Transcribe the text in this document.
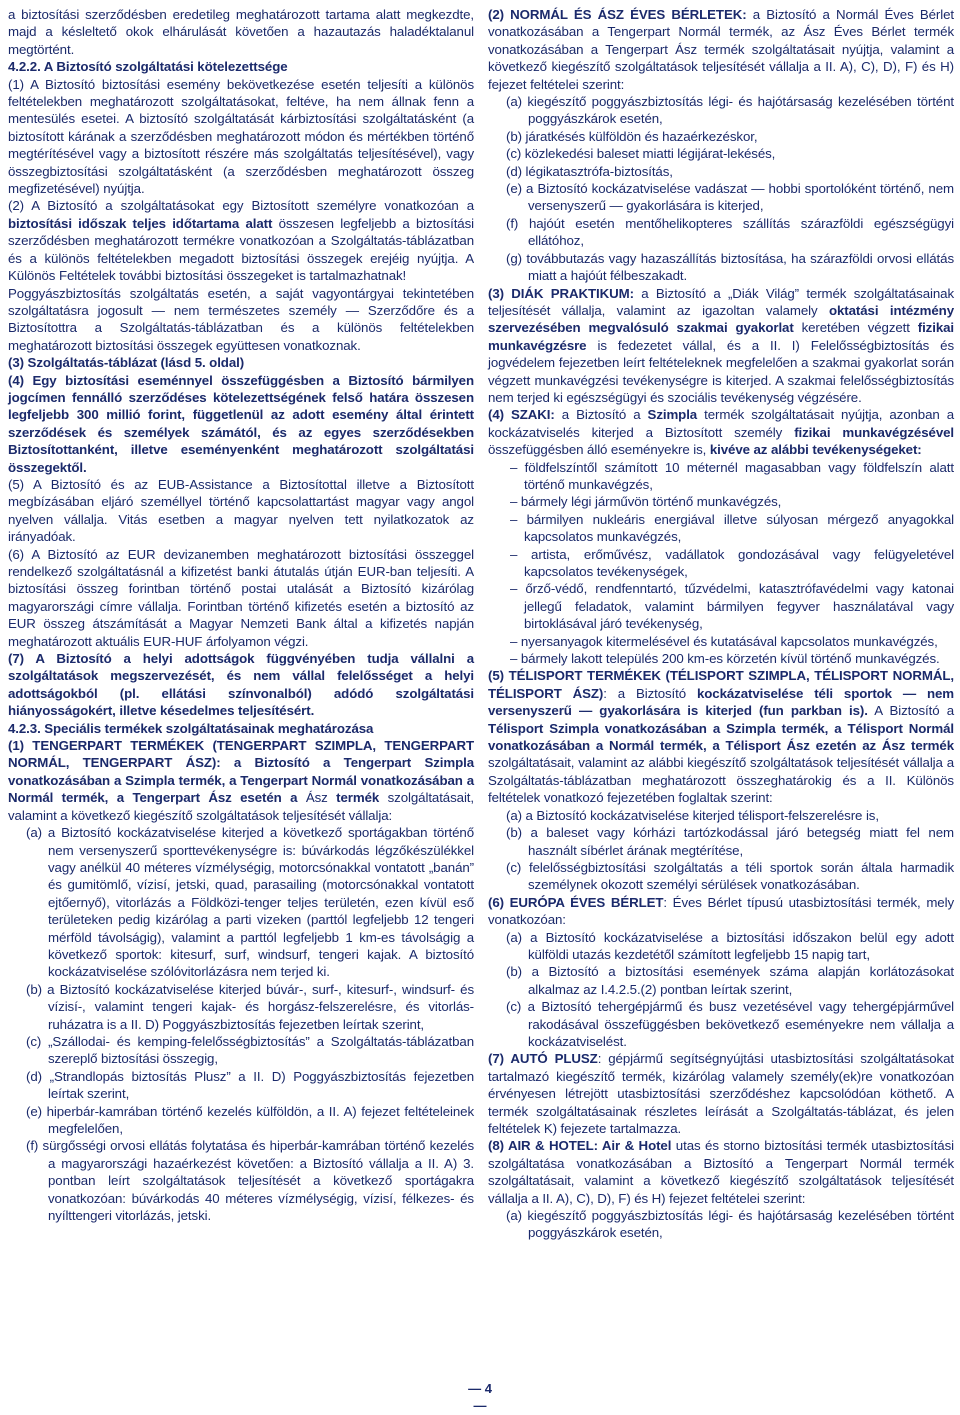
a biztosítási szerződésben eredetileg meghatározott tartama alatt megkezdte, majd a késleltető okok elhárulását követően a hazautazás haladéktalanul megtörtént.

4.2.2. A Biztosító szolgáltatási kötelezettsége

(1) A Biztosító biztosítási esemény bekövetkezése esetén teljesíti a különös feltételekben meghatározott szolgáltatásokat, feltéve, ha nem állnak fenn a mentesülés esetei. A biztosító szolgáltatását kárbiztosítási szolgáltatásként (a biztosított kárának a szerződésben meghatározott módon és mértékben történő megtérítésével vagy a biztosított részére más szolgáltatás teljesítésével), vagy összegbiztosítási szolgáltatásként (a szerződésben meghatározott összeg megfizetésével) nyújtja.

(2) A Biztosító a szolgáltatásokat egy Biztosított személyre vonatkozóan a biztosítási időszak teljes időtartama alatt összesen legfeljebb a biztosítási szerződésben meghatározott termékre vonatkozóan a Szolgáltatás-táblázatban és a különös feltételekben megadott biztosítási összegek erejéig nyújtja. A Különös Feltételek további biztosítási összegeket is tartalmazhatnak!

Poggyászbiztosítás szolgáltatás esetén, a saját vagyontárgyai tekintetében szolgáltatásra jogosult — nem természetes személy — Szerződőre és a Biztosítottra a Szolgáltatás-táblázatban és a különös feltételekben meghatározott biztosítási összegek együttesen vonatkoznak.

(3) Szolgáltatás-táblázat (lásd 5. oldal)

(4) Egy biztosítási eseménnyel összefüggésben a Biztosító bármilyen jogcímen fennálló szerződéses kötelezettségének felső határa összesen legfeljebb 300 millió forint, függetlenül az adott esemény által érintett szerződések és személyek számától, és az egyes szerződésekben Biztosítottanként, illetve eseményenként meghatározott szolgáltatási összegektől.

(5) A Biztosító és az EUB-Assistance a Biztosítottal illetve a Biztosított megbízásában eljáró személlyel történő kapcsolattartást magyar vagy angol nyelven vállalja. Vitás esetben a magyar nyelven tett nyilatkozatok az irányadóak.

(6) A Biztosító az EUR devizanemben meghatározott biztosítási összeggel rendelkező szolgáltatásnál a kifizetést banki átutalás útján EUR-ban teljesíti. A biztosítási összeg forintban történő postai utalását a Biztosító kizárólag magyarországi címre vállalja. Forintban történő kifizetés esetén a biztosító az EUR összeg átszámítását a Magyar Nemzeti Bank által a kifizetés napján meghatározott aktuális EUR-HUF árfolyamon végzi.

(7) A Biztosító a helyi adottságok függvényében tudja vállalni a szolgáltatások megszervezését, és nem vállal felelősséget a helyi adottságokból (pl. ellátási színvonalból) adódó szolgáltatási hiányosságokért, illetve késedelmes teljesítésért.

4.2.3. Speciális termékek szolgáltatásainak meghatározása

(1) TENGERPART TERMÉKEK (TENGERPART SZIMPLA, TENGERPART NORMÁL, TENGERPART ÁSZ): a Biztosító a Tengerpart Szimpla vonatkozásában a Szimpla termék, a Tengerpart Normál vonatkozásában a Normál termék, a Tengerpart Ász esetén a Ász termék szolgáltatásait, valamint a következő kiegészítő szolgáltatások teljesítését vállalja:

(a) a Biztosító kockázatviselése kiterjed a következő sportágakban történő nem versenyszerű sporttevékenységre is: búvárkodás légzőkészülékkel vagy anélkül 40 méteres vízmélységig, motorcsónakkal vontatott „banán” és gumitömlő, vízisí, jetski, quad, parasailing (motorcsónakkal vontatott ejtőernyő), vitorlázás a Földközi-tenger teljes területén, ezen kívül eső területeken pedig kizárólag a parti vizeken (parttól legfeljebb 12 tengeri mérföld távolságig), valamint a parttól legfeljebb 1 km-es távolságig a következő sportok: kitesurf, surf, windsurf, tengeri kajak. A biztosító kockázatviselése szólóvitorlázásra nem terjed ki.

(b) a Biztosító kockázatviselése kiterjed búvár-, surf-, kitesurf-, windsurf- és vízisí-, valamint tengeri kajak- és horgász-felszerelésre, és vitorlás-ruházatra is a II. D) Poggyászbiztosítás fejezetben leírtak szerint,

(c) „Szállodai- és kemping-felelősségbiztosítás” a Szolgáltatás-táblázatban szereplő biztosítási összegig,

(d) „Strandlopás biztosítás Plusz” a II. D) Poggyászbiztosítás fejezetben leírtak szerint,

(e) hiperbár-kamrában történő kezelés külföldön, a II. A) fejezet feltételeinek megfelelően,

(f) sürgősségi orvosi ellátás folytatása és hiperbár-kamrában történő kezelés a magyarországi hazaérkezést követően: a Biztosító vállalja a II. A) 3. pontban leírt szolgáltatások teljesítését a következő sportágakra vonatkozóan: búvárkodás 40 méteres vízmélységig, vízisí, félkezes- és nyílttengeri vitorlázás, jetski.

(2) NORMÁL ÉS ÁSZ ÉVES BÉRLETEK: a Biztosító a Normál Éves Bérlet vonatkozásában a Tengerpart Normál termék, az Ász Éves Bérlet termék vonatkozásában a Tengerpart Ász termék szolgáltatásait nyújtja, valamint a következő kiegészítő szolgáltatások teljesítését vállalja a II. A), C), D), F) és H) fejezet feltételei szerint:

(a) kiegészítő poggyászbiztosítás légi- és hajótársaság kezelésében történt poggyászkárok esetén,

(b) járatkésés külföldön és hazaérkezéskor,

(c) közlekedési baleset miatti légijárat-lekésés,

(d) légikatasztrófa-biztosítás,

(e) a Biztosító kockázatviselése vadászat — hobbi sportolóként történő, nem versenyszerű — gyakorlására is kiterjed,

(f) hajóút esetén mentőhelikopteres szállítás szárazföldi egészségügyi ellátóhoz,

(g) továbbutazás vagy hazaszállítás biztosítása, ha szárazföldi orvosi ellátás miatt a hajóút félbeszakadt.

(3) DIÁK PRAKTIKUM: a Biztosító a „Diák Világ” termék szolgáltatásainak teljesítését vállalja, valamint az igazoltan valamely oktatási intézmény szervezésében megvalósuló szakmai gyakorlat keretében végzett fizikai munkavégzésre is fedezetet vállal, és a II. I) Felelősségbiztosítás és jogvédelem fejezetben leírt feltételeknek megfelelően a szakmai gyakorlat során végzett munkavégzési tevékenységre is kiterjed. A szakmai felelősségbiztosítás nem terjed ki egészségügyi és szociális tevékenység végzésére.

(4) SZAKI: a Biztosító a Szimpla termék szolgáltatásait nyújtja, azonban a kockázatviselés kiterjed a Biztosított személy fizikai munkavégzésével összefüggésben álló eseményekre is, kivéve az alábbi tevékenységeket:

– földfelszíntől számított 10 méternél magasabban vagy földfelszín alatt történő munkavégzés,

– bármely légi járművön történő munkavégzés,

– bármilyen nukleáris energiával illetve súlyosan mérgező anyagokkal kapcsolatos munkavégzés,

– artista, erőművész, vadállatok gondozásával vagy felügyeletével kapcsolatos tevékenységek,

– őrző-védő, rendfenntartó, tűzvédelmi, katasztrófavédelmi vagy katonai jellegű feladatok, valamint bármilyen fegyver használatával vagy birtoklásával járó tevékenység,

– nyersanyagok kitermelésével és kutatásával kapcsolatos munkavégzés,

– bármely lakott település 200 km-es körzetén kívül történő munkavégzés.

(5) TÉLISPORT TERMÉKEK (TÉLISPORT SZIMPLA, TÉLISPORT NORMÁL, TÉLISPORT ÁSZ): a Biztosító kockázatviselése téli sportok — nem versenyszerű — gyakorlására is kiterjed (fun parkban is). A Biztosító a Télisport Szimpla vonatkozásában a Szimpla termék, a Télisport Normál vonatkozásában a Normál termék, a Télisport Ász ezetén az Ász termék szolgáltatásait, valamint az alábbi kiegészítő szolgáltatások teljesítését vállalja a Szolgáltatás-táblázatban meghatározott összeghatárokig és a II. Különös feltételek vonatkozó fejezetében foglaltak szerint:

(a) a Biztosító kockázatviselése kiterjed télisport-felszerelésre is,

(b) a baleset vagy kórházi tartózkodással járó betegség miatt fel nem használt síbérlet árának megtérítése,

(c) felelősségbiztosítási szolgáltatás a téli sportok során általa harmadik személynek okozott személyi sérülések vonatkozásában.

(6) EURÓPA ÉVES BÉRLET: Éves Bérlet típusú utasbiztosítási termék, mely vonatkozóan:

(a) a Biztosító kockázatviselése a biztosítási időszakon belül egy adott külföldi utazás kezdetétől számított legfeljebb 15 napig tart,

(b) a Biztosító a biztosítási események száma alapján korlátozásokat alkalmaz az I.4.2.5.(2) pontban leírtak szerint,

(c) a Biztosító tehergépjármű és busz vezetésével vagy tehergépjárművel rakodásával összefüggésben bekövetkező eseményekre nem vállalja a kockázatviselést.

(7) AUTÓ PLUSZ: gépjármű segítségnyújtási utasbiztosítási szolgáltatásokat tartalmazó kiegészítő termék, kizárólag valamely személy(ek)re vonatkozóan érvényesen létrejött utasbiztosítási szerződéshez kapcsolódóan köthető. A termék szolgáltatásainak részletes leírását a Szolgáltatás-táblázat, és jelen feltételek K) fejezete tartalmazza.

(8) AIR & HOTEL: Air & Hotel utas és storno biztosítási termék utasbiztosítási szolgáltatása vonatkozásában a Biztosító a Tengerpart Normál termék szolgáltatásait, valamint a következő kiegészítő szolgáltatások teljesítését vállalja a II. A), C), D), F) és H) fejezet feltételei szerint:

(a) kiegészítő poggyászbiztosítás légi- és hajótársaság kezelésében történt poggyászkárok esetén,

— 4 —
